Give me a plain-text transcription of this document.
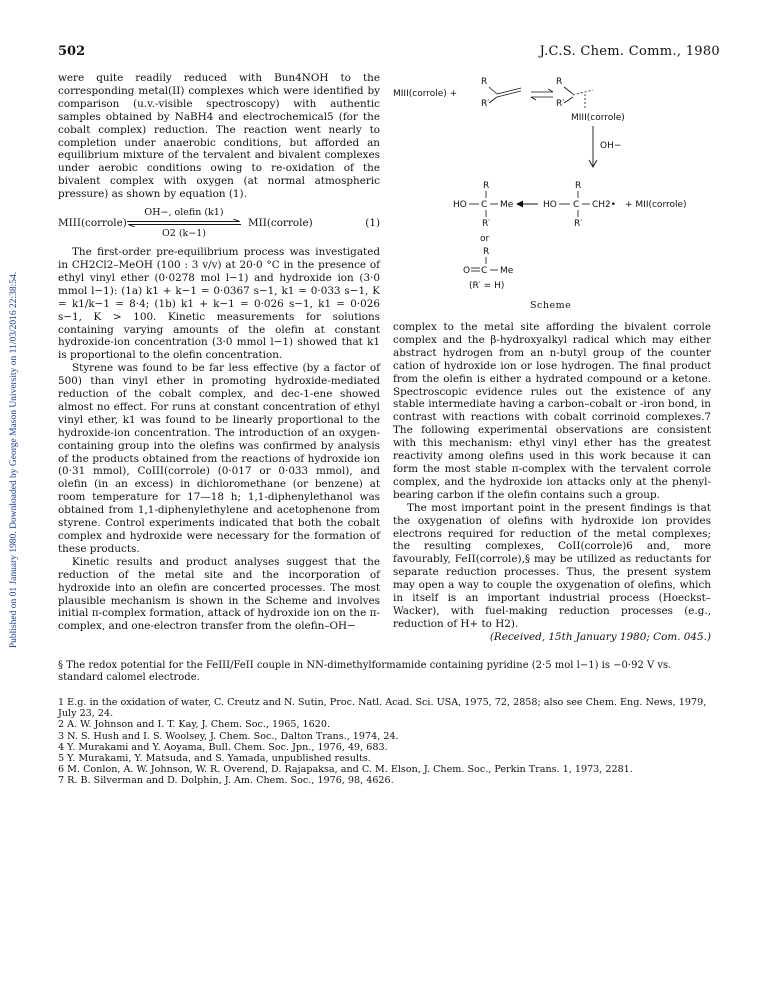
502	J.C.S. Chem. Comm., 1980
Published on 01 January 1980. Downloaded by George Mason University on 11/03/2016 22:38:54.

were quite readily reduced with Bun4NOH to the corresponding metal(II) complexes which were identified by comparison (u.v.-visible spectroscopy) with authentic samples obtained by NaBH4 and electrochemical5 (for the cobalt complex) reduction. The reaction went nearly to completion under anaerobic conditions, but afforded an equilibrium mixture of the tervalent and bivalent complexes under aerobic conditions owing to re-oxidation of the bivalent complex with oxygen (at normal atmospheric pressure) as shown by equation (1).

MIII(corrole)
OH−, olefin (k1)
O2 (k−1)
MII(corrole)	(1)

The first-order pre-equilibrium process was investigated in CH2Cl2–MeOH (100 : 3 v/v) at 20·0 °C in the presence of ethyl vinyl ether (0·0278 mol l−1) and hydroxide ion (3·0 mmol l−1): (1a) k1 + k−1 = 0·0367 s−1, k1 = 0·033 s−1, K = k1/k−1 = 8·4; (1b) k1 + k−1 = 0·026 s−1, k1 = 0·026 s−1, K > 100. Kinetic measurements for solutions containing varying amounts of the olefin at constant hydroxide-ion concentration (3·0 mmol l−1) showed that k1 is proportional to the olefin concentration.

Styrene was found to be far less effective (by a factor of 500) than vinyl ether in promoting hydroxide-mediated reduction of the cobalt complex, and dec-1-ene showed almost no effect. For runs at constant concentration of ethyl vinyl ether, k1 was found to be linearly proportional to the hydroxide-ion concentration. The introduction of an oxygen-containing group into the olefins was confirmed by analysis of the products obtained from the reactions of hydroxide ion (0·31 mmol), CoIII(corrole) (0·017 or 0·033 mmol), and olefin (in an excess) in dichloromethane (or benzene) at room temperature for 17—18 h; 1,1-diphenylethanol was obtained from 1,1-diphenylethylene and acetophenone from styrene. Control experiments indicated that both the cobalt complex and hydroxide were necessary for the formation of these products.

Kinetic results and product analyses suggest that the reduction of the metal site and the incorporation of hydroxide into an olefin are concerted processes. The most plausible mechanism is shown in the Scheme and involves initial π-complex formation, attack of hydroxide ion on the π-complex, and one-electron transfer from the olefin–OH−

MIII(corrole) +
R
R′
R
R′
MIII(corrole)
OH−
R
HO C Me
R′
R
HO C CH2• + MII(corrole)
R′
or
R
O C Me
(R′ = H)
Scheme

complex to the metal site affording the bivalent corrole complex and the β-hydroxyalkyl radical which may either abstract hydrogen from an n-butyl group of the counter cation of hydroxide ion or lose hydrogen. The final product from the olefin is either a hydrated compound or a ketone. Spectroscopic evidence rules out the existence of any stable intermediate having a carbon–cobalt or -iron bond, in contrast with reactions with cobalt corrinoid complexes.7 The following experimental observations are consistent with this mechanism: ethyl vinyl ether has the greatest reactivity among olefins used in this work because it can form the most stable π-complex with the tervalent corrole complex, and the hydroxide ion attacks only at the phenyl-bearing carbon if the olefin contains such a group.

The most important point in the present findings is that the oxygenation of olefins with hydroxide ion provides electrons required for reduction of the metal complexes; the resulting complexes, CoII(corrole)6 and, more favourably, FeII(corrole),§ may be utilized as reductants for separate reduction processes. Thus, the present system may open a way to couple the oxygenation of olefins, which in itself is an important industrial process (Hoeckst–Wacker), with fuel-making reduction processes (e.g., reduction of H+ to H2).

(Received, 15th January 1980; Com. 045.)

§ The redox potential for the FeIII/FeII couple in NN-dimethylformamide containing pyridine (2·5 mol l−1) is −0·92 V vs. standard calomel electrode.
1 E.g. in the oxidation of water, C. Creutz and N. Sutin, Proc. Natl. Acad. Sci. USA, 1975, 72, 2858; also see Chem. Eng. News, 1979, July 23, 24.
2 A. W. Johnson and I. T. Kay, J. Chem. Soc., 1965, 1620.
3 N. S. Hush and I. S. Woolsey, J. Chem. Soc., Dalton Trans., 1974, 24.
4 Y. Murakami and Y. Aoyama, Bull. Chem. Soc. Jpn., 1976, 49, 683.
5 Y. Murakami, Y. Matsuda, and S. Yamada, unpublished results.
6 M. Conlon, A. W. Johnson, W. R. Overend, D. Rajapaksa, and C. M. Elson, J. Chem. Soc., Perkin Trans. 1, 1973, 2281.
7 R. B. Silverman and D. Dolphin, J. Am. Chem. Soc., 1976, 98, 4626.
